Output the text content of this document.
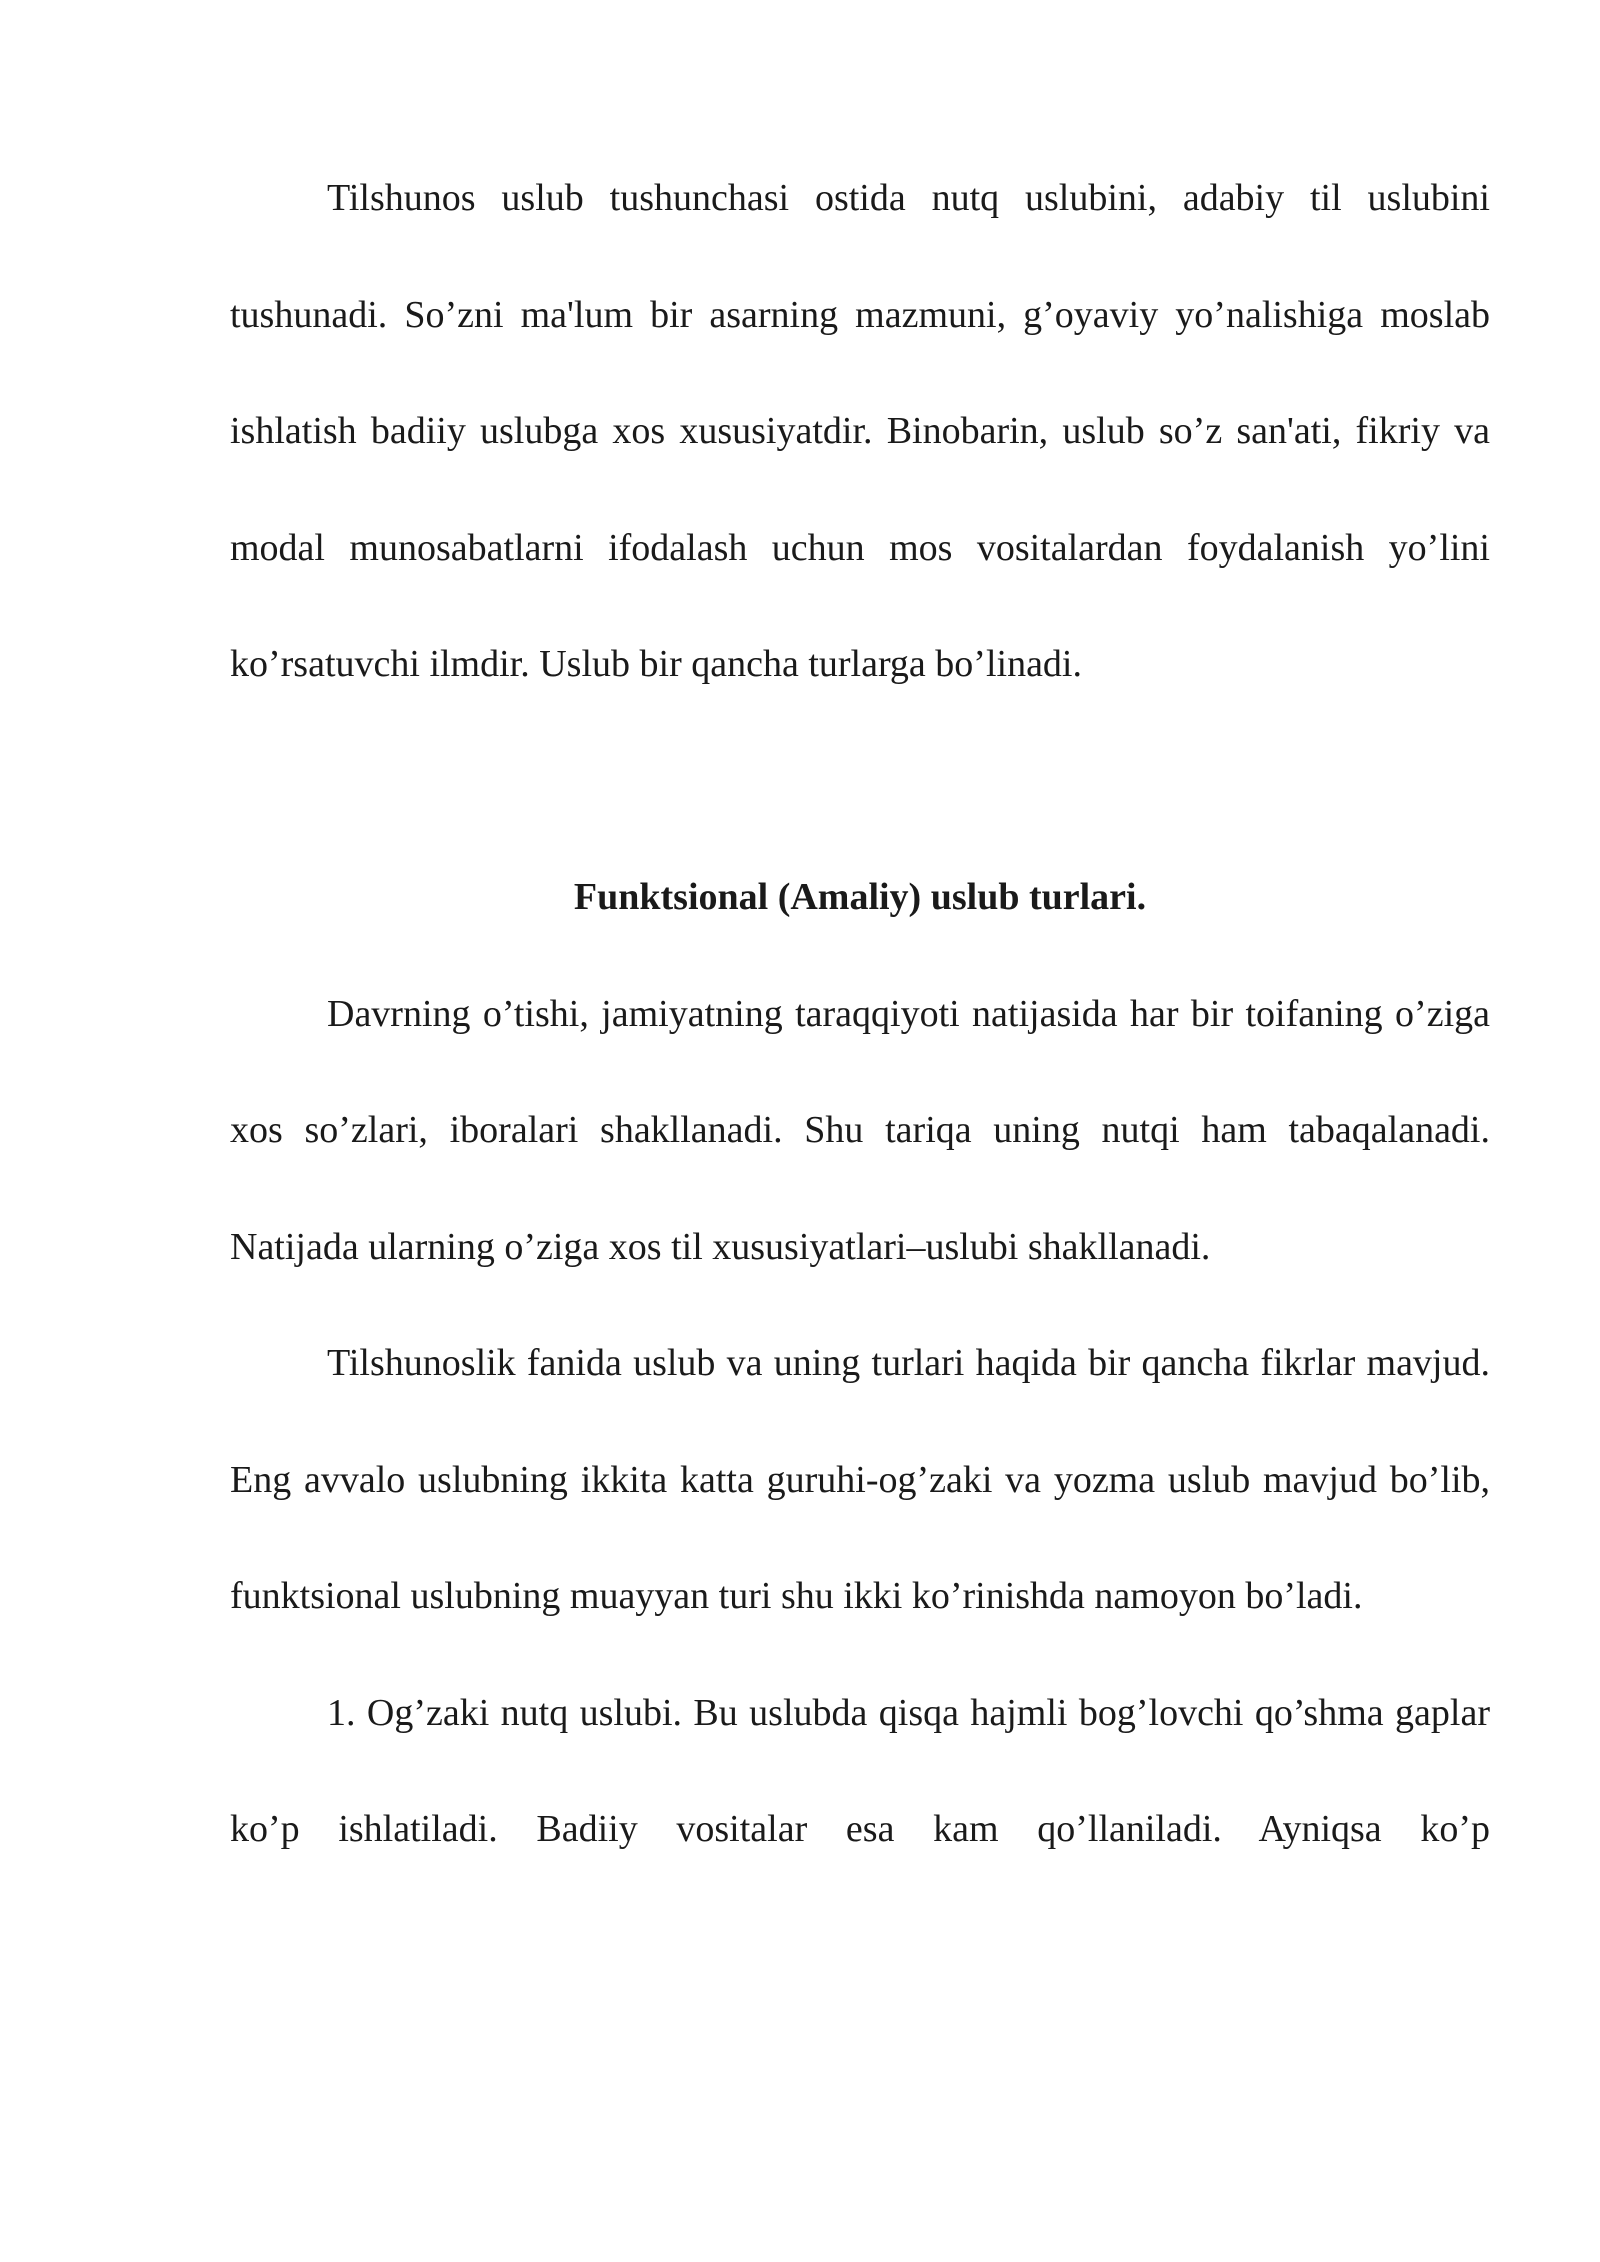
Tilshunos uslub tushunchasi ostida nutq uslubini, adabiy til uslubini tushunadi. So’zni ma'lum bir asarning mazmuni, g’oyaviy yo’nalishiga moslab ishlatish badiiy uslubga xos xususiyatdir. Binobarin, uslub so’z san'ati, fikriy va modal munosabatlarni ifodalash uchun mos vositalardan foydalanish yo’lini ko’rsatuvchi ilmdir. Uslub bir qancha turlarga bo’linadi.

Funktsional (Amaliy) uslub turlari.

Davrning o’tishi, jamiyatning taraqqiyoti natijasida har bir toifaning o’ziga xos so’zlari, iboralari shakllanadi. Shu tariqa uning nutqi ham tabaqalanadi. Natijada ularning o’ziga xos til xususiyatlari–uslubi shakllanadi.

Tilshunoslik fanida uslub va uning turlari haqida bir qancha fikrlar mavjud. Eng avvalo uslubning ikkita katta guruhi-og’zaki va yozma uslub mavjud bo’lib, funktsional uslubning muayyan turi shu ikki ko’rinishda namoyon bo’ladi.

1. Og’zaki nutq uslubi. Bu uslubda qisqa hajmli bog’lovchi qo’shma gaplar ko’p ishlatiladi. Badiiy vositalar esa kam qo’llaniladi. Ayniqsa ko’p
